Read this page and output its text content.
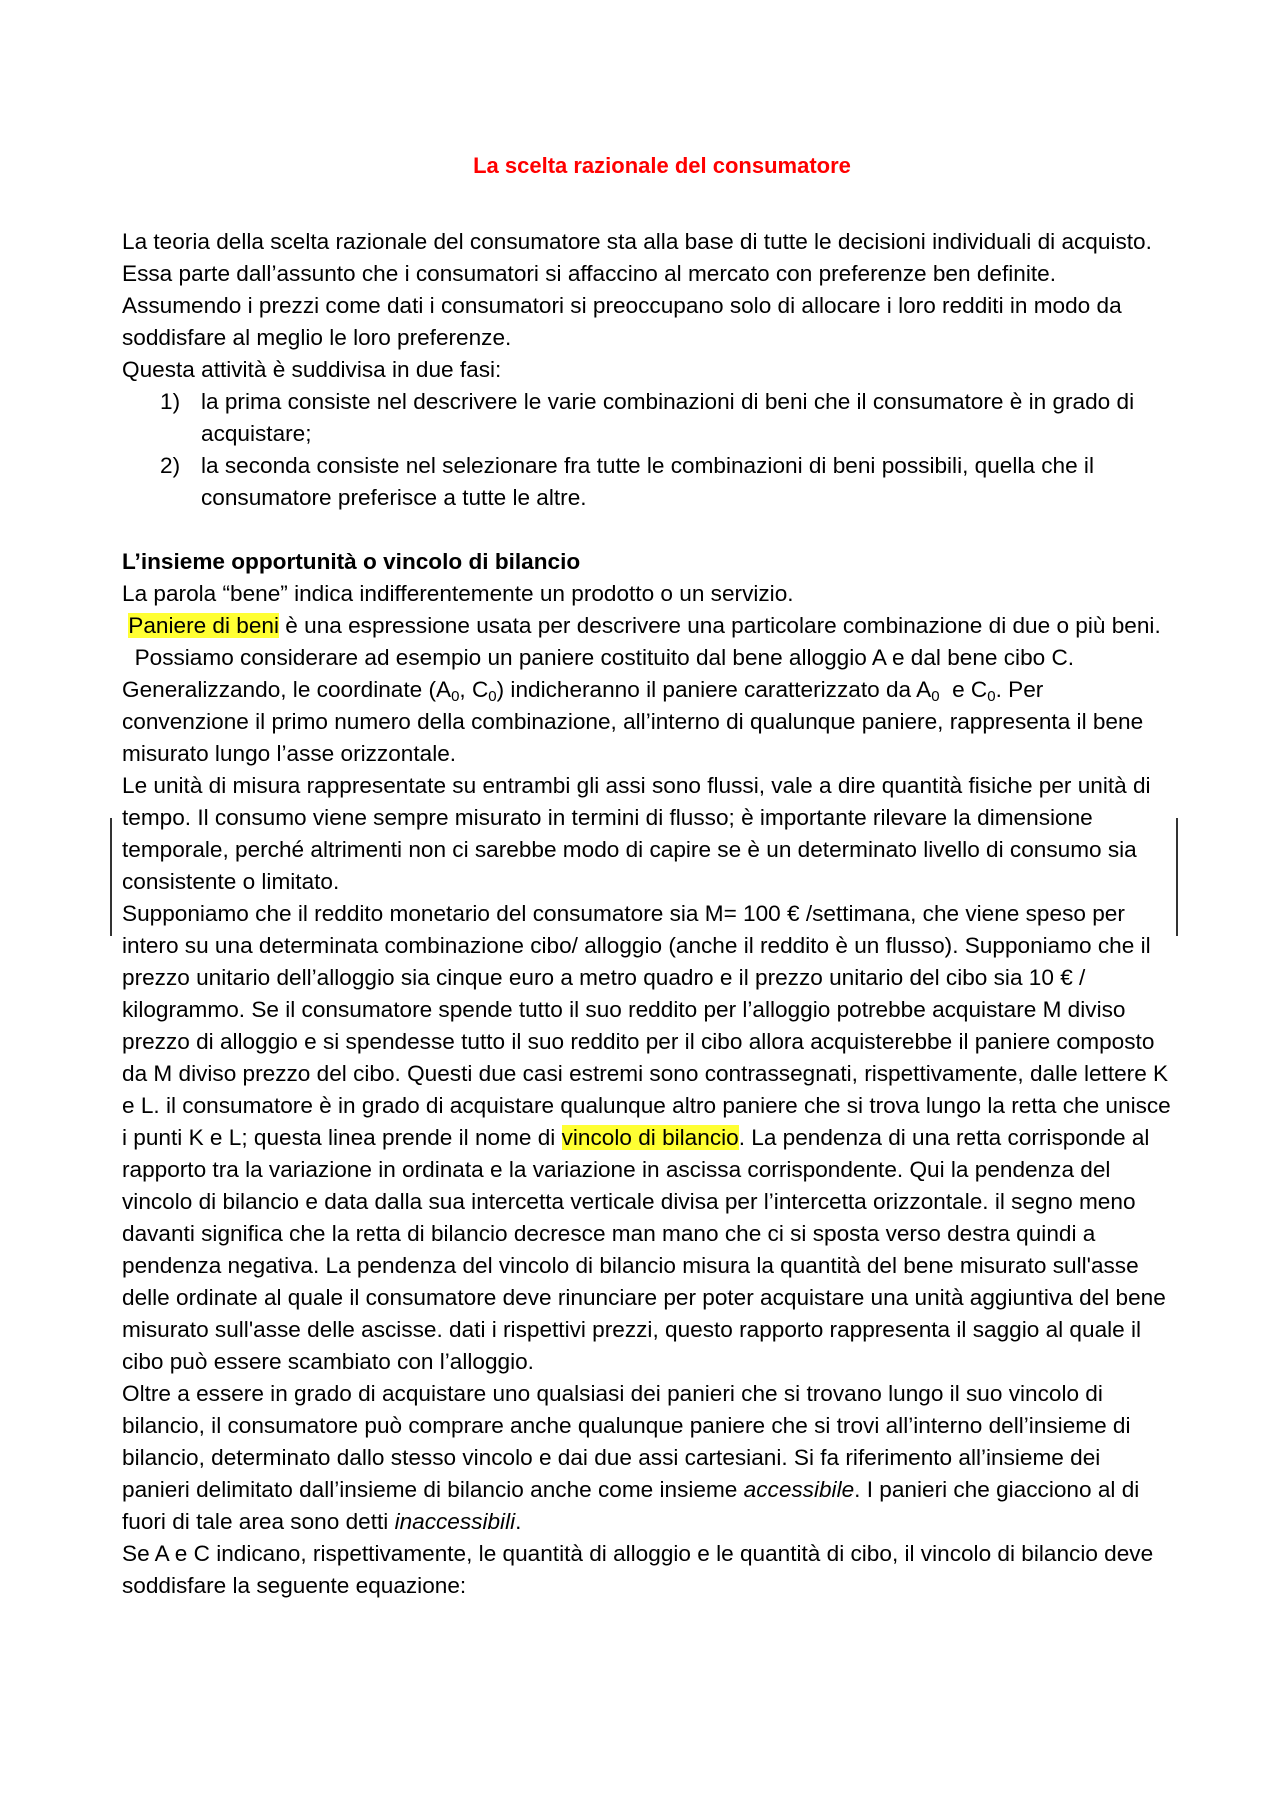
La scelta razionale del consumatore

La teoria della scelta razionale del consumatore sta alla base di tutte le decisioni individuali di acquisto.

Essa parte dall’assunto che i consumatori si affaccino al mercato con preferenze ben definite. Assumendo i prezzi come dati i consumatori si preoccupano solo di allocare i loro redditi in modo da soddisfare al meglio le loro preferenze.

Questa attività è suddivisa in due fasi:

1) la prima consiste nel descrivere le varie combinazioni di beni che il consumatore è in grado di acquistare;
2) la seconda consiste nel selezionare fra tutte le combinazioni di beni possibili, quella che il consumatore preferisce a tutte le altre.

L’insieme opportunità o vincolo di bilancio

La parola “bene” indica indifferentemente un prodotto o un servizio.

Paniere di beni è una espressione usata per descrivere una particolare combinazione di due o più beni.

Possiamo considerare ad esempio un paniere costituito dal bene alloggio A e dal bene cibo C. Generalizzando, le coordinate ($A_0$, $C_0$) indicheranno il paniere caratterizzato da $A_0$  e $C_0$. Per convenzione il primo numero della combinazione, all’interno di qualunque paniere, rappresenta il bene misurato lungo l’asse orizzontale.

Le unità di misura rappresentate su entrambi gli assi sono flussi, vale a dire quantità fisiche per unità di tempo. Il consumo viene sempre misurato in termini di flusso; è importante rilevare la dimensione temporale, perché altrimenti non ci sarebbe modo di capire se è un determinato livello di consumo sia consistente o limitato.

Supponiamo che il reddito monetario del consumatore sia M= 100 € /settimana, che viene speso per intero su una determinata combinazione cibo/ alloggio (anche il reddito è un flusso). Supponiamo che il prezzo unitario dell’alloggio sia cinque euro a metro quadro e il prezzo unitario del cibo sia 10 € / kilogrammo. Se il consumatore spende tutto il suo reddito per l’alloggio potrebbe acquistare M diviso prezzo di alloggio e si spendesse tutto il suo reddito per il cibo allora acquisterebbe il paniere composto da M diviso prezzo del cibo. Questi due casi estremi sono contrassegnati, rispettivamente, dalle lettere K e L. il consumatore è in grado di acquistare qualunque altro paniere che si trova lungo la retta che unisce i punti K e L; questa linea prende il nome di vincolo di bilancio. La pendenza di una retta corrisponde al rapporto tra la variazione in ordinata e la variazione in ascissa corrispondente. Qui la pendenza del vincolo di bilancio e data dalla sua intercetta verticale divisa per l’intercetta orizzontale. il segno meno davanti significa che la retta di bilancio decresce man mano che ci si sposta verso destra quindi a pendenza negativa. La pendenza del vincolo di bilancio misura la quantità del bene misurato sull'asse delle ordinate al quale il consumatore deve rinunciare per poter acquistare una unità aggiuntiva del bene misurato sull'asse delle ascisse. dati i rispettivi prezzi, questo rapporto rappresenta il saggio al quale il cibo può essere scambiato con l’alloggio.

Oltre a essere in grado di acquistare uno qualsiasi dei panieri che si trovano lungo il suo vincolo di bilancio, il consumatore può comprare anche qualunque paniere che si trovi all’interno dell’insieme di bilancio, determinato dallo stesso vincolo e dai due assi cartesiani. Si fa riferimento all’insieme dei panieri delimitato dall’insieme di bilancio anche come insieme accessibile. I panieri che giacciono al di fuori di tale area sono detti inaccessibili.

Se A e C indicano, rispettivamente, le quantità di alloggio e le quantità di cibo, il vincolo di bilancio deve soddisfare la seguente equazione:
